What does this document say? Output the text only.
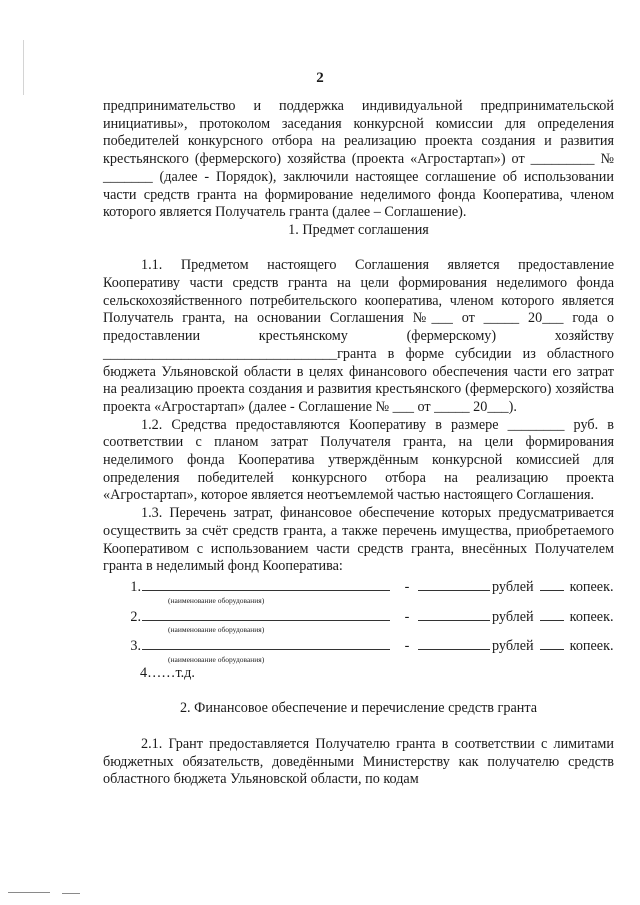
2

предпринимательство и поддержка индивидуальной предпринимательской инициативы», протоколом заседания конкурсной комиссии для определения победителей конкурсного отбора на реализацию проекта создания и развития крестьянского (фермерского) хозяйства (проекта «Агростартап») от _________ № _______ (далее - Порядок), заключили настоящее соглашение об использовании части средств гранта на формирование неделимого фонда Кооператива, членом которого является Получатель гранта (далее – Соглашение).

1. Предмет соглашения

1.1. Предметом настоящего Соглашения является предоставление Кооперативу части средств гранта на цели формирования неделимого фонда сельскохозяйственного потребительского кооператива, членом которого является Получатель гранта, на основании Соглашения №___ от _____ 20___ года о предоставлении крестьянскому (фермерскому) хозяйству _________________________________гранта в форме субсидии из областного бюджета Ульяновской области в целях финансового обеспечения части его затрат на реализацию проекта создания и развития крестьянского (фермерского) хозяйства проекта «Агростартап» (далее - Соглашение № ___ от _____ 20___).

1.2. Средства предоставляются Кооперативу в размере ________ руб. в соответствии с планом затрат Получателя гранта, на цели формирования неделимого фонда Кооператива утверждённым конкурсной комиссией для определения победителей конкурсного отбора на реализацию проекта «Агростартап», которое является неотъемлемой частью настоящего Соглашения.

1.3. Перечень затрат, финансовое обеспечение которых предусматривается осуществить за счёт средств гранта, а также перечень имущества, приобретаемого Кооперативом с использованием части средств гранта, внесённых Получателем гранта в неделимый фонд Кооператива:

1.	-	рублей	копеек.
(наименование оборудования)
2.	-	рублей	копеек.
(наименование оборудования)
3.	-	рублей	копеек.
(наименование оборудования)
4……т.д.

2. Финансовое обеспечение и перечисление средств гранта

2.1. Грант предоставляется Получателю гранта в соответствии с лимитами бюджетных обязательств, доведёнными Министерству как получателю средств областного бюджета Ульяновской области, по кодам
